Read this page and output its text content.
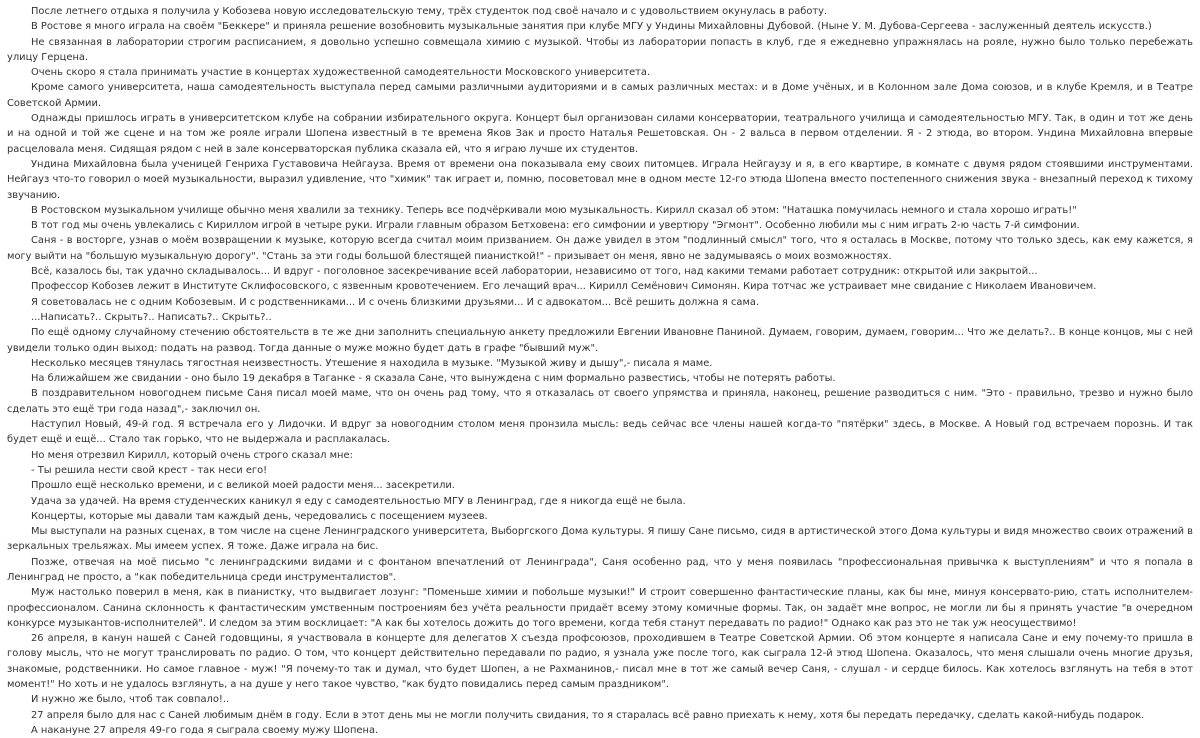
После летнего отдыха я получила у Кобозева новую исследовательскую тему, трёх студенток под своё начало и с удовольствием окунулась в работу.

В Ростове я много играла на своём "Беккере" и приняла решение возобновить музыкальные занятия при клубе МГУ у Ундины Михайловны Дубовой. (Ныне У. М. Дубова-Сергеева - заслуженный деятель искусств.)

Не связанная в лаборатории строгим расписанием, я довольно успешно совмещала химию с музыкой. Чтобы из лаборатории попасть в клуб, где я ежедневно упражнялась на рояле, нужно было только перебежать улицу Герцена.

Очень скоро я стала принимать участие в концертах художественной самодеятельности Московского университета.

Кроме самого университета, наша самодеятельность выступала перед самыми различными аудиториями и в самых различных местах: и в Доме учёных, и в Колонном зале Дома союзов, и в клубе Кремля, и в Театре Советской Армии.

Однажды пришлось играть в университетском клубе на собрании избирательного округа. Концерт был организован силами консерватории, театрального училища и самодеятельностью МГУ. Так, в один и тот же день и на одной и той же сцене и на том же рояле играли Шопена известный в те времена Яков Зак и просто Наталья Решетовская. Он - 2 вальса в первом отделении. Я - 2 этюда, во втором. Ундина Михайловна впервые расцеловала меня. Сидящая рядом с ней в зале консерваторская публика сказала ей, что я играю лучше их студентов.

Ундина Михайловна была ученицей Генриха Густавовича Нейгауза. Время от времени она показывала ему своих питомцев. Играла Нейгаузу и я, в его квартире, в комнате с двумя рядом стоявшими инструментами. Нейгауз что-то говорил о моей музыкальности, выразил удивление, что "химик" так играет и, помню, посоветовал мне в одном месте 12-го этюда Шопена вместо постепенного снижения звука - внезапный переход к тихому звучанию.

В Ростовском музыкальном училище обычно меня хвалили за технику. Теперь все подчёркивали мою музыкальность. Кирилл сказал об этом: "Наташка помучилась немного и стала хорошо играть!"

В тот год мы очень увлекались с Кириллом игрой в четыре руки. Играли главным образом Бетховена: его симфонии и увертюру "Эгмонт". Особенно любили мы с ним играть 2-ю часть 7-й симфонии.

Саня - в восторге, узнав о моём возвращении к музыке, которую всегда считал моим призванием. Он даже увидел в этом "подлинный смысл" того, что я осталась в Москве, потому что только здесь, как ему кажется, я могу выйти на "большую музыкальную дорогу". "Стань за эти годы большой блестящей пианисткой!" - призывает он меня, явно не задумываясь о моих возможностях.

Всё, казалось бы, так удачно складывалось... И вдруг - поголовное засекречивание всей лаборатории, независимо от того, над какими темами работает сотрудник: открытой или закрытой...

Профессор Кобозев лежит в Институте Склифосовского, с язвенным кровотечением. Его лечащий врач... Кирилл Семёнович Симонян. Кира тотчас же устраивает мне свидание с Николаем Ивановичем.

Я советовалась не с одним Кобозевым. И с родственниками... И с очень близкими друзьями... И с адвокатом... Всё решить должна я сама.

...Написать?.. Скрыть?.. Написать?.. Скрыть?..

По ещё одному случайному стечению обстоятельств в те же дни заполнить специальную анкету предложили Евгении Ивановне Паниной. Думаем, говорим, думаем, говорим... Что же делать?.. В конце концов, мы с ней увидели только один выход: подать на развод. Тогда данные о муже можно будет дать в графе "бывший муж".

Несколько месяцев тянулась тягостная неизвестность. Утешение я находила в музыке. "Музыкой живу и дышу",- писала я маме.

На ближайшем же свидании - оно было 19 декабря в Таганке - я сказала Сане, что вынуждена с ним формально развестись, чтобы не потерять работы.

В поздравительном новогоднем письме Саня писал моей маме, что он очень рад тому, что я отказалась от своего упрямства и приняла, наконец, решение разводиться с ним. "Это - правильно, трезво и нужно было сделать это ещё три года назад",- заключил он.

Наступил Новый, 49-й год. Я встречала его у Лидочки. И вдруг за новогодним столом меня пронзила мысль: ведь сейчас все члены нашей когда-то "пятёрки" здесь, в Москве. А Новый год встречаем порознь. И так будет ещё и ещё... Стало так горько, что не выдержала и расплакалась.

Но меня отрезвил Кирилл, который очень строго сказал мне:

- Ты решила нести свой крест - так неси его!

Прошло ещё несколько времени, и с великой моей радости меня... засекретили.

Удача за удачей. На время студенческих каникул я еду с самодеятельностью МГУ в Ленинград, где я никогда ещё не была.

Концерты, которые мы давали там каждый день, чередовались с посещением музеев.

Мы выступали на разных сценах, в том числе на сцене Ленинградского университета, Выборгского Дома культуры. Я пишу Сане письмо, сидя в артистической этого Дома культуры и видя множество своих отражений в зеркальных трельяжах. Мы имеем успех. Я тоже. Даже играла на бис.

Позже, отвечая на моё письмо "с ленинградскими видами и с фонтаном впечатлений от Ленинграда", Саня особенно рад, что у меня появилась "профессиональная привычка к выступлениям" и что я попала в Ленинград не просто, а "как победительница среди инструменталистов".

Муж настолько поверил в меня, как в пианистку, что выдвигает лозунг: "Поменьше химии и побольше музыки!" И строит совершенно фантастические планы, как бы мне, минуя консервато-рию, стать исполнителем-профессионалом. Санина склонность к фантастическим умственным построениям без учёта реальности придаёт всему этому комичные формы. Так, он задаёт мне вопрос, не могли ли бы я принять участие "в очередном конкурсе музыкантов-исполнителей". И следом за этим восклицает: "А как бы хотелось дожить до того времени, когда тебя станут передавать по радио!" Однако как раз это не так уж неосуществимо!

26 апреля, в канун нашей с Саней годовщины, я участвовала в концерте для делегатов X съезда профсоюзов, проходившем в Театре Советской Армии. Об этом концерте я написала Сане и ему почему-то пришла в голову мысль, что не могут транслировать по радио. О том, что концерт действительно передавали по радио, я узнала уже после того, как сыграла 12-й этюд Шопена. Оказалось, что меня слышали очень многие друзья, знакомые, родственники. Но самое главное - муж! "Я почему-то так и думал, что будет Шопен, а не Рахманинов,- писал мне в тот же самый вечер Саня, - слушал - и сердце билось. Как хотелось взглянуть на тебя в этот момент!" Но хоть и не удалось взглянуть, а на душе у него такое чувство, "как будто повидались перед самым праздником".

И нужно же было, чтоб так совпало!..

27 апреля было для нас с Саней любимым днём в году. Если в этот день мы не могли получить свидания, то я старалась всё равно приехать к нему, хотя бы передать передачку, сделать какой-нибудь подарок.

А накануне 27 апреля 49-го года я сыграла своему мужу Шопена.
